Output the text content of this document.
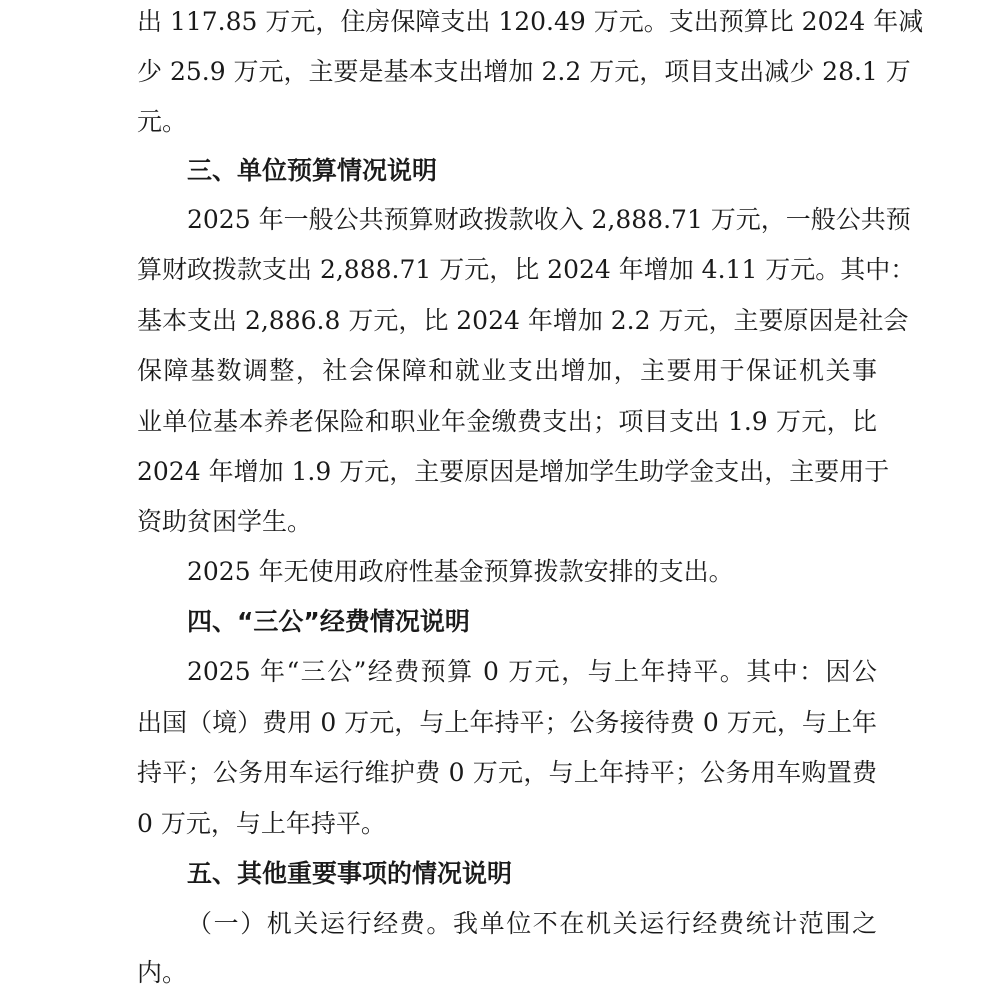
出 117.85 万元，住房保障支出 120.49 万元。支出预算比 2024 年减
少 25.9 万元，主要是基本支出增加 2.2 万元，项目支出减少 28.1 万
元。
三、单位预算情况说明
2025 年一般公共预算财政拨款收入 2,888.71 万元，一般公共预
算财政拨款支出 2,888.71 万元，比 2024 年增加 4.11 万元。其中：
基本支出 2,886.8 万元，比 2024 年增加 2.2 万元，主要原因是社会
保障基数调整，社会保障和就业支出增加，主要用于保证机关事
业单位基本养老保险和职业年金缴费支出；项目支出 1.9 万元，比
2024 年增加 1.9 万元，主要原因是增加学生助学金支出，主要用于
资助贫困学生。
2025 年无使用政府性基金预算拨款安排的支出。
四、“三公”经费情况说明
2025 年“三公”经费预算 0 万元，与上年持平。其中：因公
出国（境）费用 0 万元，与上年持平；公务接待费 0 万元，与上年
持平；公务用车运行维护费 0 万元，与上年持平；公务用车购置费
0 万元，与上年持平。
五、其他重要事项的情况说明
（一）机关运行经费。我单位不在机关运行经费统计范围之
内。
